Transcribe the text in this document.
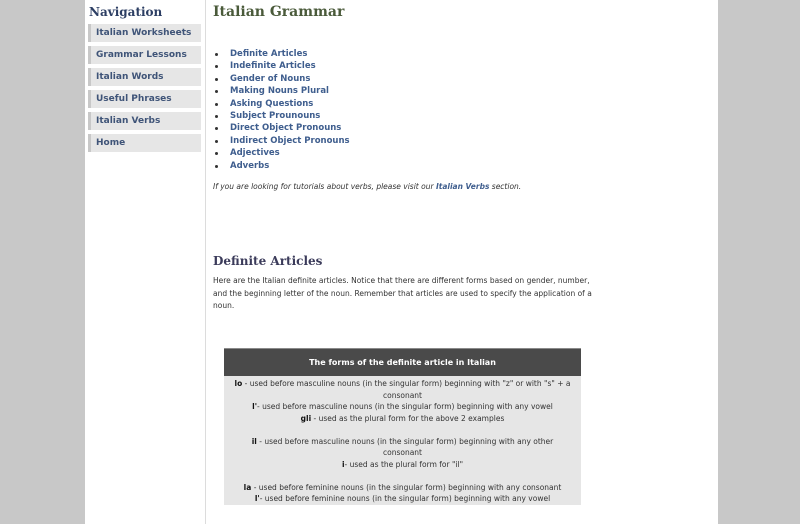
Navigation
Italian Worksheets
Grammar Lessons
Italian Words
Useful Phrases
Italian Verbs
Home
Italian Grammar
Definite Articles
Indefinite Articles
Gender of Nouns
Making Nouns Plural
Asking Questions
Subject Prounouns
Direct Object Pronouns
Indirect Object Pronouns
Adjectives
Adverbs

If you are looking for tutorials about verbs, please visit our Italian Verbs section.

Definite Articles

Here are the Italian definite articles. Notice that there are different forms based on gender, number, and the beginning letter of the noun. Remember that articles are used to specify the application of a noun.

The forms of the definite article in Italian

lo - used before masculine nouns (in the singular form) beginning with "z" or with "s" + a consonant

l'- used before masculine nouns (in the singular form) beginning with any vowel

gli - used as the plural form for the above 2 examples

il - used before masculine nouns (in the singular form) beginning with any other consonant

i- used as the plural form for "il"

la - used before feminine nouns (in the singular form) beginning with any consonant

l'- used before feminine nouns (in the singular form) beginning with any vowel
